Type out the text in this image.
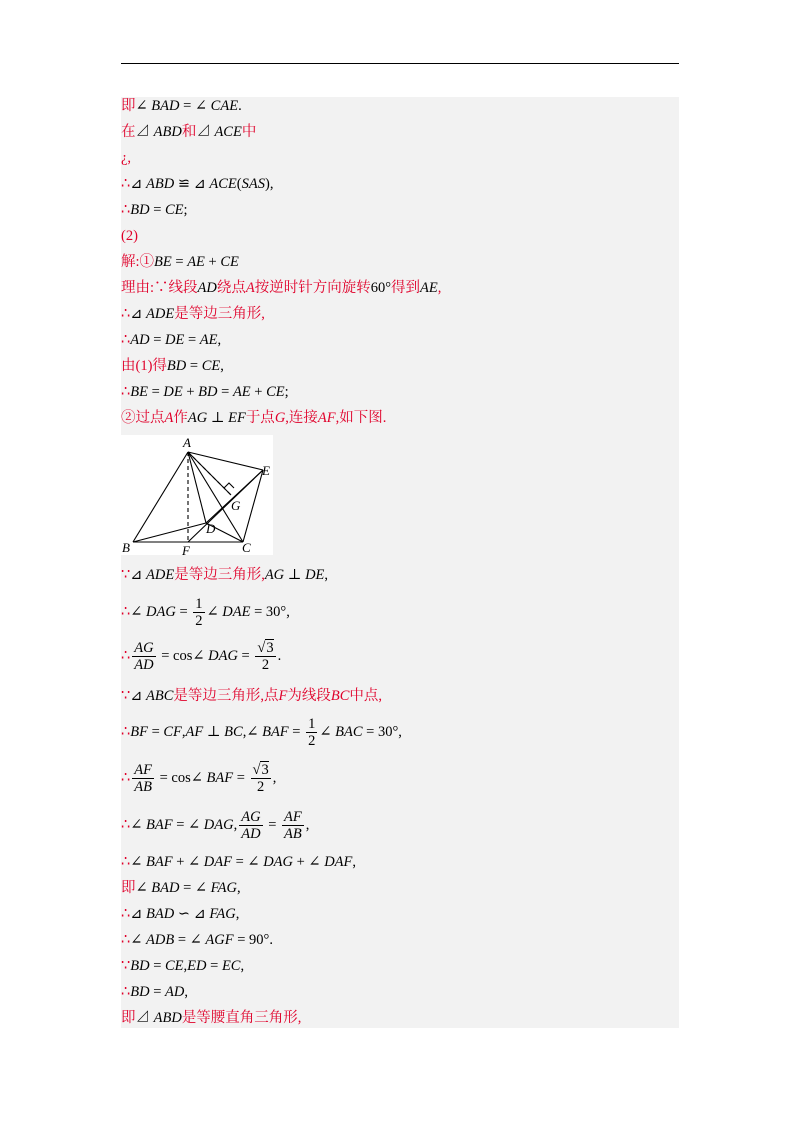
即∠ BAD = ∠ CAE.
在⊿ ABD和⊿ ACE中
¿,
∴⊿ ABD ≌ ⊿ ACE(SAS),
∴BD = CE;
(2)
解:①BE = AE + CE
理由:∵线段AD绕点A按逆时针方向旋转60°得到AE,
∴⊿ ADE是等边三角形,
∴AD = DE = AE,
由(1)得BD = CE,
∴BE = DE + BD = AE + CE;
②过点A作AG ⊥ EF于点G,连接AF,如下图.
A
B	C
D
E
F
G
∵⊿ ADE是等边三角形,AG ⊥ DE,
∴∠ DAG = $\frac{1}{2}$ ∠ DAE = 30°,
∴ $\frac{AG}{AD}$ = cos∠ DAG = $\frac{√3}{2}$ .
∵⊿ ABC是等边三角形,点F为线段BC中点,
∴BF = CF,AF ⊥ BC,∠ BAF = $\frac{1}{2}$ ∠ BAC = 30°,
∴ $\frac{AF}{AB}$ = cos∠ BAF = $\frac{√3}{2}$ ,
∴∠ BAF = ∠ DAG, $\frac{AG}{AD} = \frac{AF}{AB}$ ,
∴∠ BAF + ∠ DAF = ∠ DAG + ∠ DAF,
即∠ BAD = ∠ FAG,
∴⊿ BAD ∽ ⊿ FAG,
∴∠ ADB = ∠ AGF = 90°.
∵BD = CE,ED = EC,
∴BD = AD,
即⊿ ABD是等腰直角三角形,
